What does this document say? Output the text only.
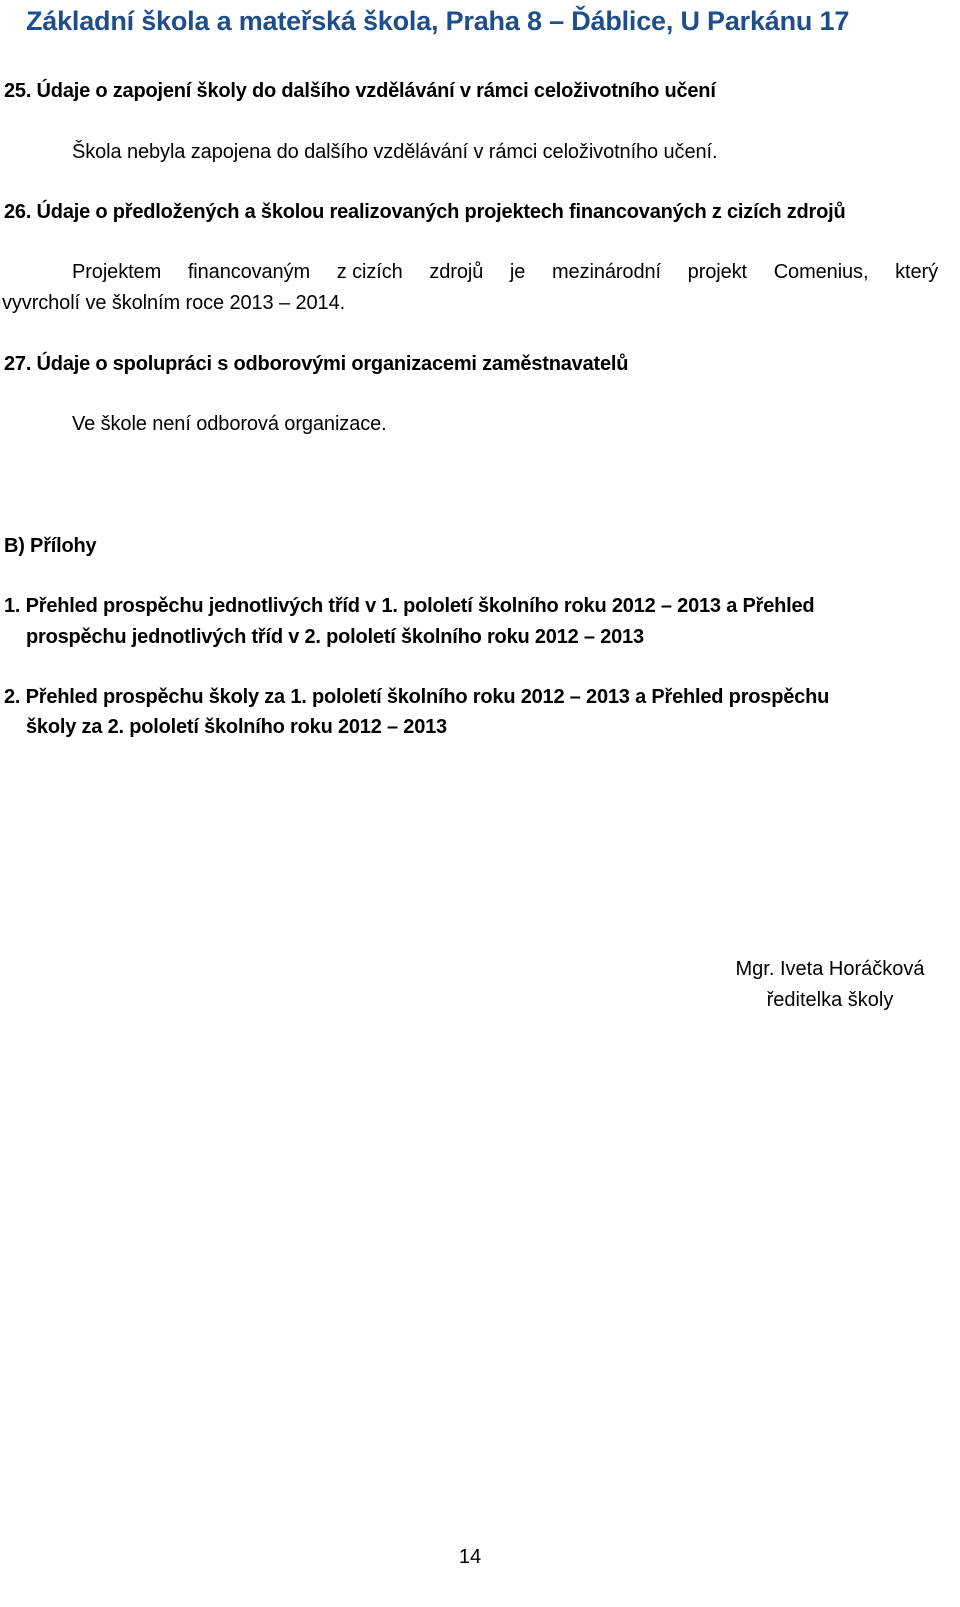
Základní škola a mateřská škola, Praha 8 – Ďáblice, U Parkánu 17
25. Údaje o zapojení školy do dalšího vzdělávání v rámci celoživotního učení
Škola nebyla zapojena do dalšího vzdělávání v rámci celoživotního učení.
26. Údaje o předložených a školou realizovaných projektech financovaných z cizích zdrojů
Projektem financovaným z cizích zdrojů je mezinárodní projekt Comenius, který
vyvrcholí ve školním roce 2013 – 2014.
27. Údaje o spolupráci s odborovými organizacemi zaměstnavatelů
Ve škole není odborová organizace.
B) Přílohy
1. Přehled prospěchu jednotlivých tříd v 1. pololetí školního roku 2012 – 2013 a Přehled
prospěchu jednotlivých tříd v 2. pololetí školního roku 2012 – 2013
2. Přehled prospěchu školy za 1. pololetí školního roku 2012 – 2013 a Přehled prospěchu
školy za 2. pololetí školního roku 2012 – 2013
Mgr. Iveta Horáčková
ředitelka školy
14
